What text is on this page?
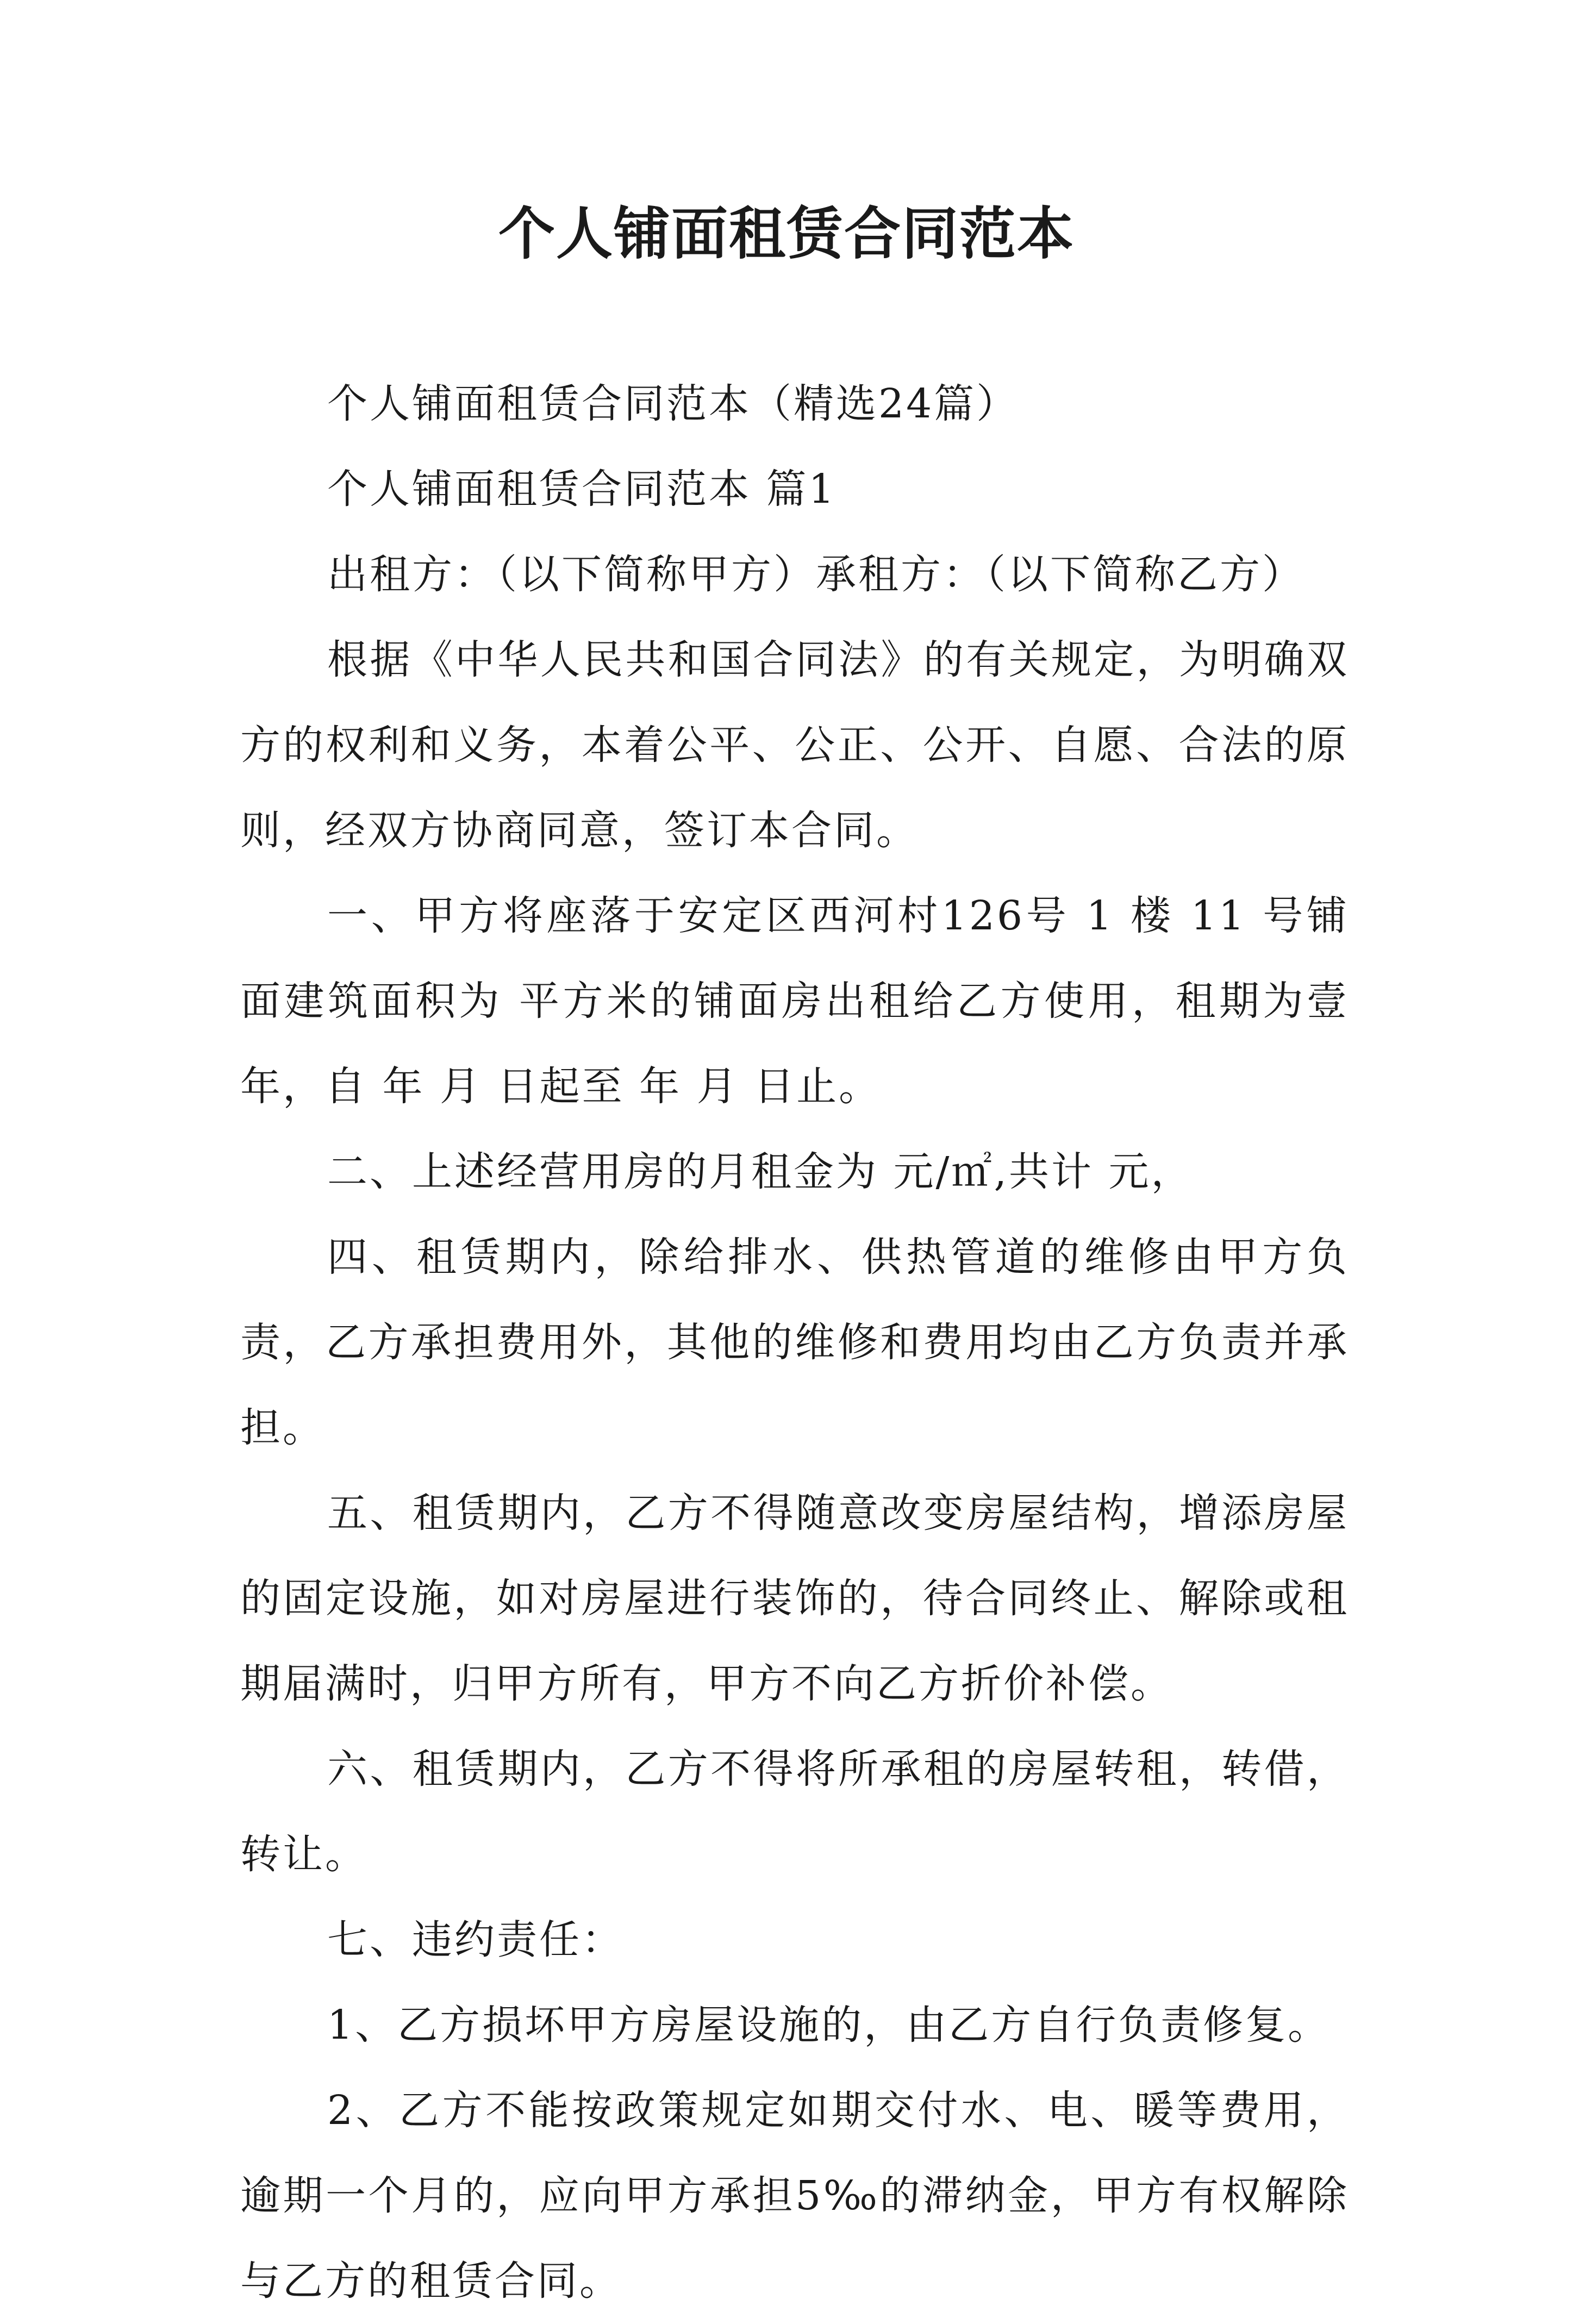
个人铺面租赁合同范本

个人铺面租赁合同范本（精选24篇）

个人铺面租赁合同范本 篇1

出租方：（以下简称甲方）承租方：（以下简称乙方）

根据《中华人民共和国合同法》的有关规定，为明确双方的权利和义务，本着公平、公正、公开、自愿、合法的原则，经双方协商同意，签订本合同。

一、甲方将座落于安定区西河村126号 1 楼 11 号铺面建筑面积为 平方米的铺面房出租给乙方使用，租期为壹年，自 年 月 日起至 年 月 日止。

二、上述经营用房的月租金为 元/㎡,共计 元，

四、租赁期内，除给排水、供热管道的维修由甲方负责，乙方承担费用外，其他的维修和费用均由乙方负责并承担。

五、租赁期内，乙方不得随意改变房屋结构，增添房屋的固定设施，如对房屋进行装饰的，待合同终止、解除或租期届满时，归甲方所有，甲方不向乙方折价补偿。

六、租赁期内，乙方不得将所承租的房屋转租，转借，转让。

七、违约责任：

1、乙方损坏甲方房屋设施的，由乙方自行负责修复。

2、乙方不能按政策规定如期交付水、电、暖等费用，逾期一个月的，应向甲方承担5‰的滞纳金，甲方有权解除与乙方的租赁合同。
